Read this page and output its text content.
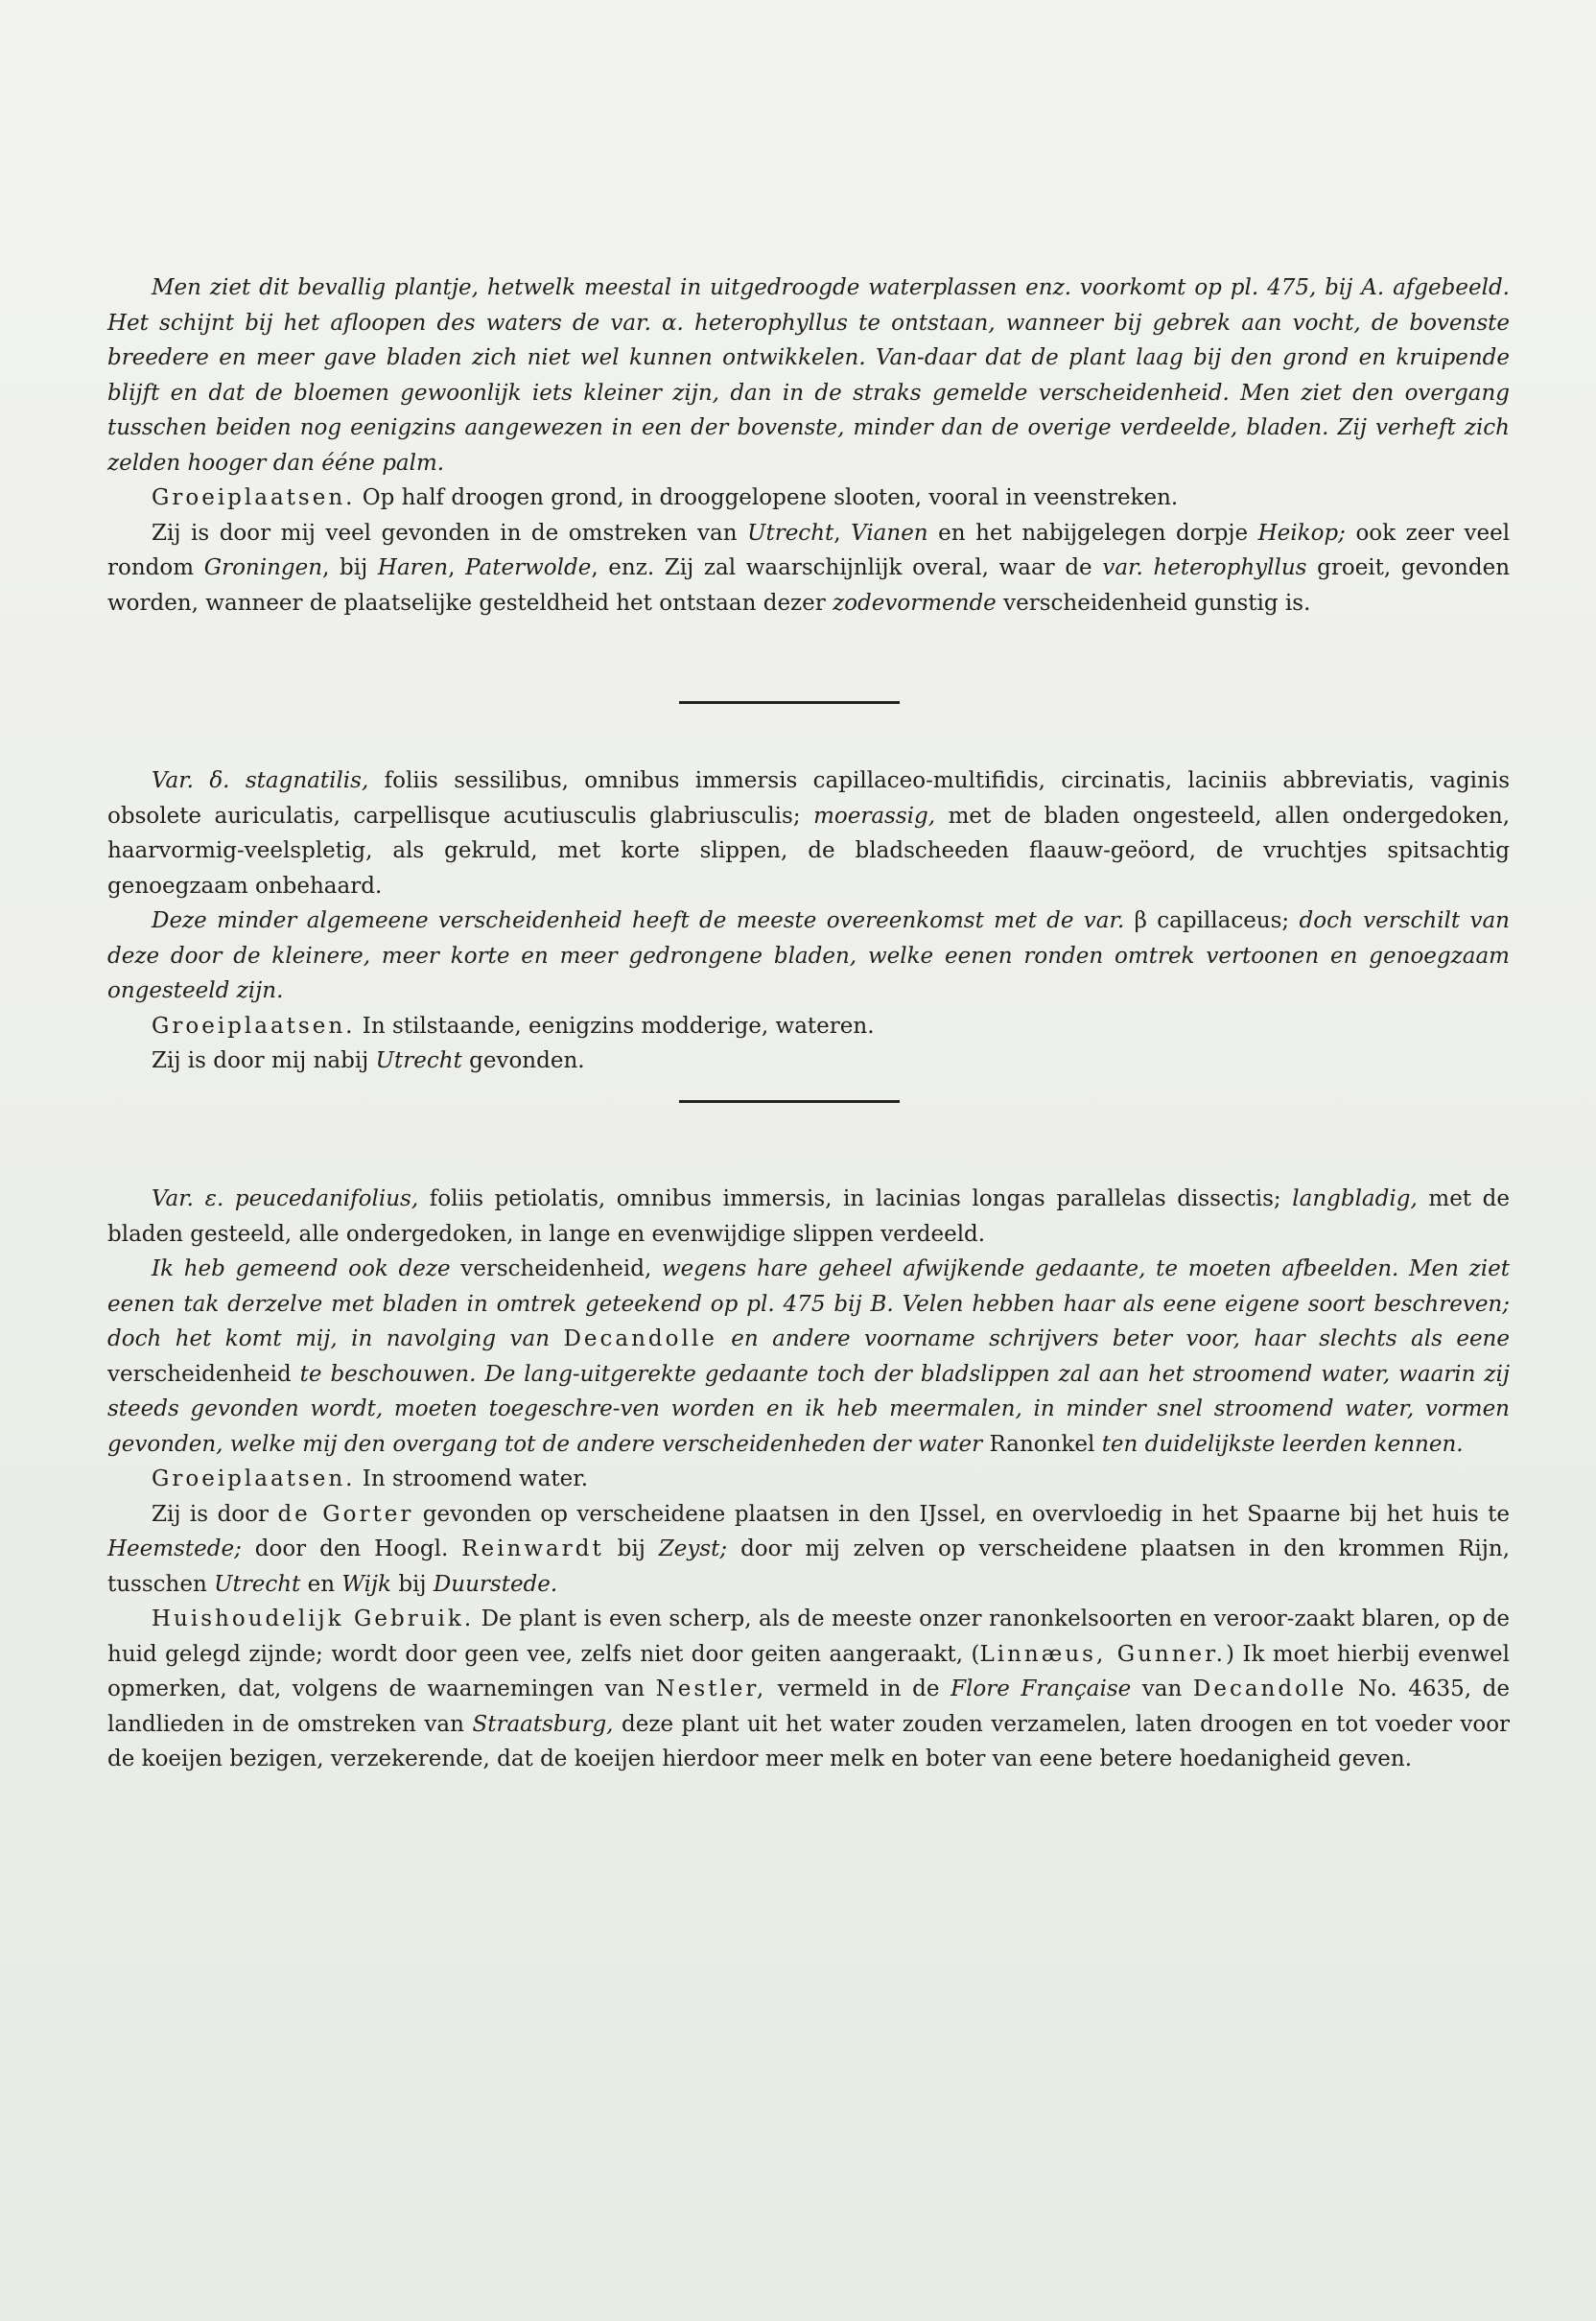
Men ziet dit bevallig plantje, hetwelk meestal in uitgedroogde waterplassen enz. voorkomt op pl. 475, bij A. afgebeeld. Het schijnt bij het afloopen des waters de var. α. heterophyllus te ontstaan, wanneer bij gebrek aan vocht, de bovenste breedere en meer gave bladen zich niet wel kunnen ontwikkelen. Van-daar dat de plant laag bij den grond en kruipende blijft en dat de bloemen gewoonlijk iets kleiner zijn, dan in de straks gemelde verscheidenheid. Men ziet den overgang tusschen beiden nog eenigzins aangewezen in een der bovenste, minder dan de overige verdeelde, bladen. Zij verheft zich zelden hooger dan ééne palm.

Groeiplaatsen. Op half droogen grond, in drooggelopene slooten, vooral in veenstreken.

Zij is door mij veel gevonden in de omstreken van Utrecht, Vianen en het nabijgelegen dorpje Heikop; ook zeer veel rondom Groningen, bij Haren, Paterwolde, enz. Zij zal waarschijnlijk overal, waar de var. heterophyllus groeit, gevonden worden, wanneer de plaatselijke gesteldheid het ontstaan dezer zodevormende verscheidenheid gunstig is.

Var. δ. stagnatilis, foliis sessilibus, omnibus immersis capillaceo-multifidis, circinatis, laciniis abbreviatis, vaginis obsolete auriculatis, carpellisque acutiusculis glabriusculis; moerassig, met de bladen ongesteeld, allen ondergedoken, haarvormig-veelspletig, als gekruld, met korte slippen, de bladscheeden flaauw-geöord, de vruchtjes spitsachtig genoegzaam onbehaard.

Deze minder algemeene verscheidenheid heeft de meeste overeenkomst met de var. β capillaceus; doch verschilt van deze door de kleinere, meer korte en meer gedrongene bladen, welke eenen ronden omtrek vertoonen en genoegzaam ongesteeld zijn.

Groeiplaatsen. In stilstaande, eenigzins modderige, wateren.

Zij is door mij nabij Utrecht gevonden.

Var. ε. peucedanifolius, foliis petiolatis, omnibus immersis, in lacinias longas parallelas dissectis; langbladig, met de bladen gesteeld, alle ondergedoken, in lange en evenwijdige slippen verdeeld.

Ik heb gemeend ook deze verscheidenheid, wegens hare geheel afwijkende gedaante, te moeten afbeelden. Men ziet eenen tak derzelve met bladen in omtrek geteekend op pl. 475 bij B. Velen hebben haar als eene eigene soort beschreven; doch het komt mij, in navolging van Decandolle en andere voorname schrijvers beter voor, haar slechts als eene verscheidenheid te beschouwen. De lang-uitgerekte gedaante toch der bladslippen zal aan het stroomend water, waarin zij steeds gevonden wordt, moeten toegeschre-ven worden en ik heb meermalen, in minder snel stroomend water, vormen gevonden, welke mij den overgang tot de andere verscheidenheden der water Ranonkel ten duidelijkste leerden kennen.

Groeiplaatsen. In stroomend water.

Zij is door de Gorter gevonden op verscheidene plaatsen in den IJssel, en overvloedig in het Spaarne bij het huis te Heemstede; door den Hoogl. Reinwardt bij Zeyst; door mij zelven op verscheidene plaatsen in den krommen Rijn, tusschen Utrecht en Wijk bij Duurstede.

Huishoudelijk Gebruik. De plant is even scherp, als de meeste onzer ranonkelsoorten en veroor-zaakt blaren, op de huid gelegd zijnde; wordt door geen vee, zelfs niet door geiten aangeraakt, (Linnæus, Gunner.) Ik moet hierbij evenwel opmerken, dat, volgens de waarnemingen van Nestler, vermeld in de Flore Française van Decandolle No. 4635, de landlieden in de omstreken van Straatsburg, deze plant uit het water zouden verzamelen, laten droogen en tot voeder voor de koeijen bezigen, verzekerende, dat de koeijen hierdoor meer melk en boter van eene betere hoedanigheid geven.
